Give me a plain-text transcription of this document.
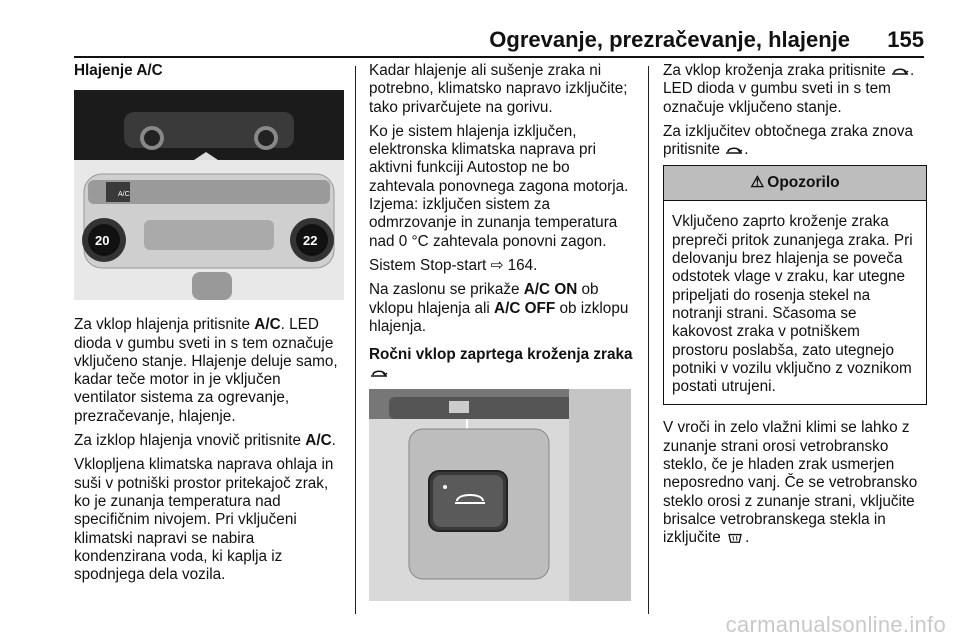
Ogrevanje, prezračevanje, hlajenje 155
Hlajenje A/C
A/C
20	22

Za vklop hlajenja pritisnite A/C. LED dioda v gumbu sveti in s tem označuje vključeno stanje. Hlajenje deluje samo, kadar teče motor in je vključen ventilator sistema za ogrevanje, prezračevanje, hlajenje.

Za izklop hlajenja vnovič pritisnite A/C.

Vklopljena klimatska naprava ohlaja in suši v potniški prostor pritekajoč zrak, ko je zunanja temperatura nad specifičnim nivojem. Pri vključeni klimatski napravi se nabira kondenzirana voda, ki kaplja iz spodnjega dela vozila.

Kadar hlajenje ali sušenje zraka ni potrebno, klimatsko napravo izključite; tako privarčujete na gorivu.

Ko je sistem hlajenja izključen, elektronska klimatska naprava pri aktivni funkciji Autostop ne bo zahtevala ponovnega zagona motorja. Izjema: izključen sistem za odmrzovanje in zunanja temperatura nad 0 °C zahtevala ponovni zagon.

Sistem Stop-start ⇨ 164.

Na zaslonu se prikaže A/C ON ob vklopu hlajenja ali A/C OFF ob izklopu hlajenja.

Ročni vklop zaprtega kroženja zraka

Za vklop kroženja zraka pritisnite . LED dioda v gumbu sveti in s tem označuje vključeno stanje.

Za izključitev obtočnega zraka znova pritisnite .

⚠ Opozorilo
Vključeno zaprto kroženje zraka prepreči pritok zunanjega zraka. Pri delovanju brez hlajenja se poveča odstotek vlage v zraku, kar utegne pripeljati do rosenja stekel na notranji strani. Sčasoma se kakovost zraka v potniškem prostoru poslabša, zato utegnejo potniki v vozilu vključno z voznikom postati utrujeni.

V vroči in zelo vlažni klimi se lahko z zunanje strani orosi vetrobransko steklo, če je hladen zrak usmerjen neposredno vanj. Če se vetrobransko steklo orosi z zunanje strani, vključite brisalce vetrobranskega stekla in izključite .

carmanualsonline.info
